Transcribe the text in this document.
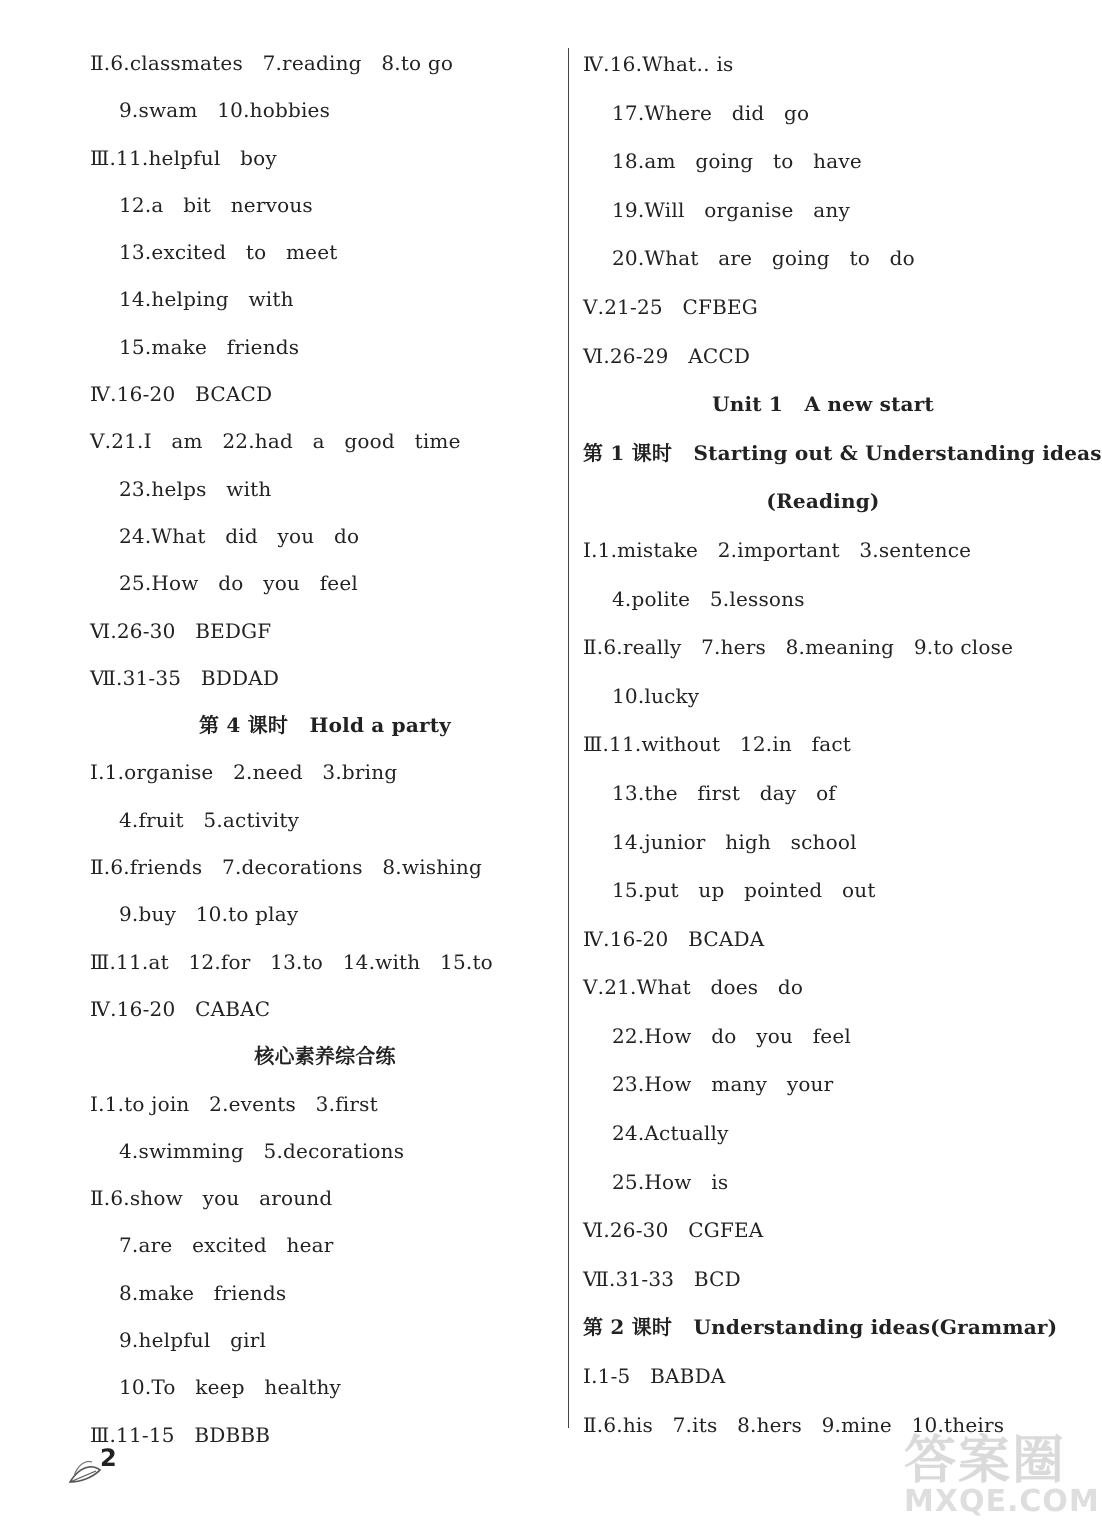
Ⅱ.6.classmates   7.reading   8.to go
9.swam   10.hobbies
Ⅲ.11.helpful   boy
12.a   bit   nervous
13.excited   to   meet
14.helping   with
15.make   friends
Ⅳ.16-20   BCACD
Ⅴ.21.I   am   22.had   a   good   time
23.helps   with
24.What   did   you   do
25.How   do   you   feel
Ⅵ.26-30   BEDGF
Ⅶ.31-35   BDDAD
第 4 课时   Hold a party
Ⅰ.1.organise   2.need   3.bring
4.fruit   5.activity
Ⅱ.6.friends   7.decorations   8.wishing
9.buy   10.to play
Ⅲ.11.at   12.for   13.to   14.with   15.to
Ⅳ.16-20   CABAC
核心素养综合练
Ⅰ.1.to join   2.events   3.first
4.swimming   5.decorations
Ⅱ.6.show   you   around
7.are   excited   hear
8.make   friends
9.helpful   girl
10.To   keep   healthy
Ⅲ.11-15   BDBBB
Ⅳ.16.What‥ is
17.Where   did   go
18.am   going   to   have
19.Will   organise   any
20.What   are   going   to   do
Ⅴ.21-25   CFBEG
Ⅵ.26-29   ACCD
Unit 1   A new start
第 1 课时   Starting out & Understanding ideas
(Reading)
Ⅰ.1.mistake   2.important   3.sentence
4.polite   5.lessons
Ⅱ.6.really   7.hers   8.meaning   9.to close
10.lucky
Ⅲ.11.without   12.in   fact
13.the   first   day   of
14.junior   high   school
15.put   up   pointed   out
Ⅳ.16-20   BCADA
Ⅴ.21.What   does   do
22.How   do   you   feel
23.How   many   your
24.Actually
25.How   is
Ⅵ.26-30   CGFEA
Ⅶ.31-33   BCD
第 2 课时   Understanding ideas(Grammar)
Ⅰ.1-5   BABDA
Ⅱ.6.his   7.its   8.hers   9.mine   10.theirs
2	答案圈
MXQE.COM
